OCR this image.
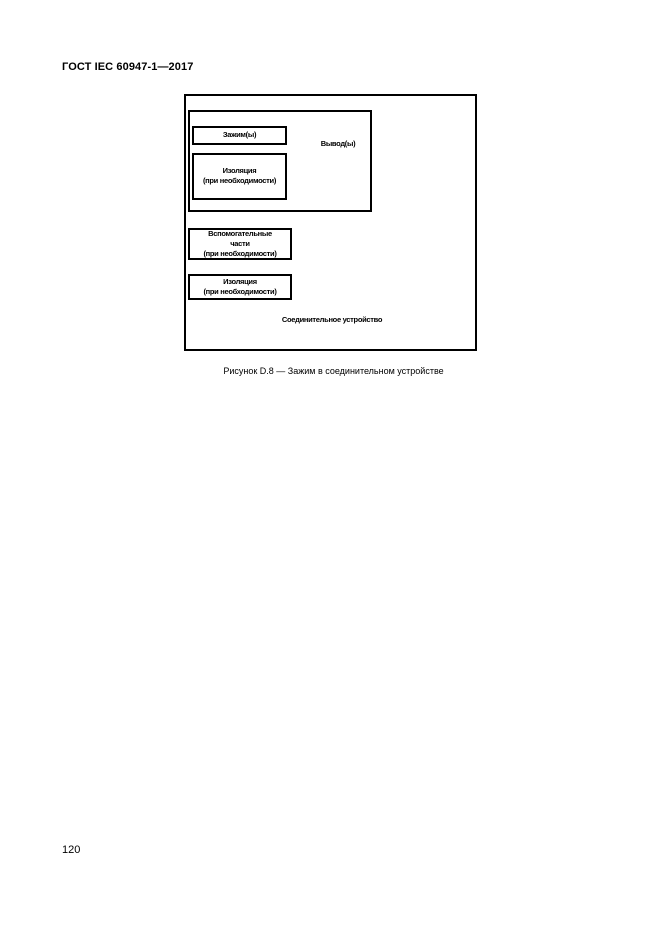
ГОСТ IEC 60947-1—2017
Зажим(ы)
Изоляция
(при необходимости)
Вывод(ы)
Вспомогательные
части
(при необходимости)
Изоляция
(при необходимости)
Соединительное устройство
Рисунок D.8 — Зажим в соединительном устройстве
120
